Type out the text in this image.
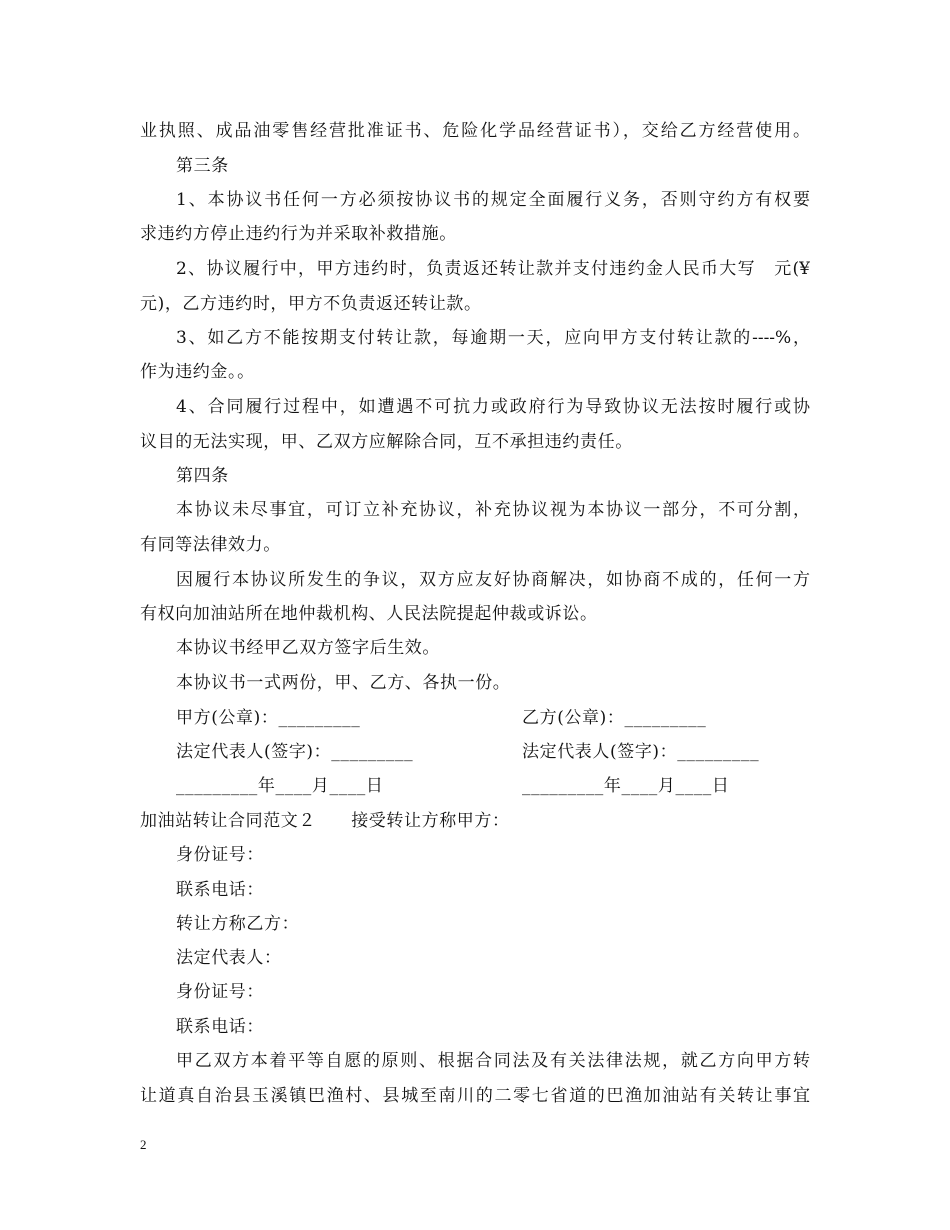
业执照、成品油零售经营批准证书、危险化学品经营证书），交给乙方经营使用。
第三条
1、本协议书任何一方必须按协议书的规定全面履行义务，否则守约方有权要
求违约方停止违约行为并采取补救措施。
2、协议履行中，甲方违约时，负责返还转让款并支付违约金人民币大写　元(¥
元)，乙方违约时，甲方不负责返还转让款。
3、如乙方不能按期支付转让款，每逾期一天，应向甲方支付转让款的----%，
作为违约金。。
4、合同履行过程中，如遭遇不可抗力或政府行为导致协议无法按时履行或协
议目的无法实现，甲、乙双方应解除合同，互不承担违约责任。
第四条
本协议未尽事宜，可订立补充协议，补充协议视为本协议一部分，不可分割，
有同等法律效力。
因履行本协议所发生的争议，双方应友好协商解决，如协商不成的，任何一方
有权向加油站所在地仲裁机构、人民法院提起仲裁或诉讼。
本协议书经甲乙双方签字后生效。
本协议书一式两份，甲、乙方、各执一份。
甲方(公章)：_________	乙方(公章)：_________
法定代表人(签字)：_________	法定代表人(签字)：_________
_________年____月____日	_________年____月____日
加油站转让合同范文２　　接受转让方称甲方：
身份证号：
联系电话：
转让方称乙方：
法定代表人：
身份证号：
联系电话：
甲乙双方本着平等自愿的原则、根据合同法及有关法律法规，就乙方向甲方转
让道真自治县玉溪镇巴渔村、县城至南川的二零七省道的巴渔加油站有关转让事宜
2
